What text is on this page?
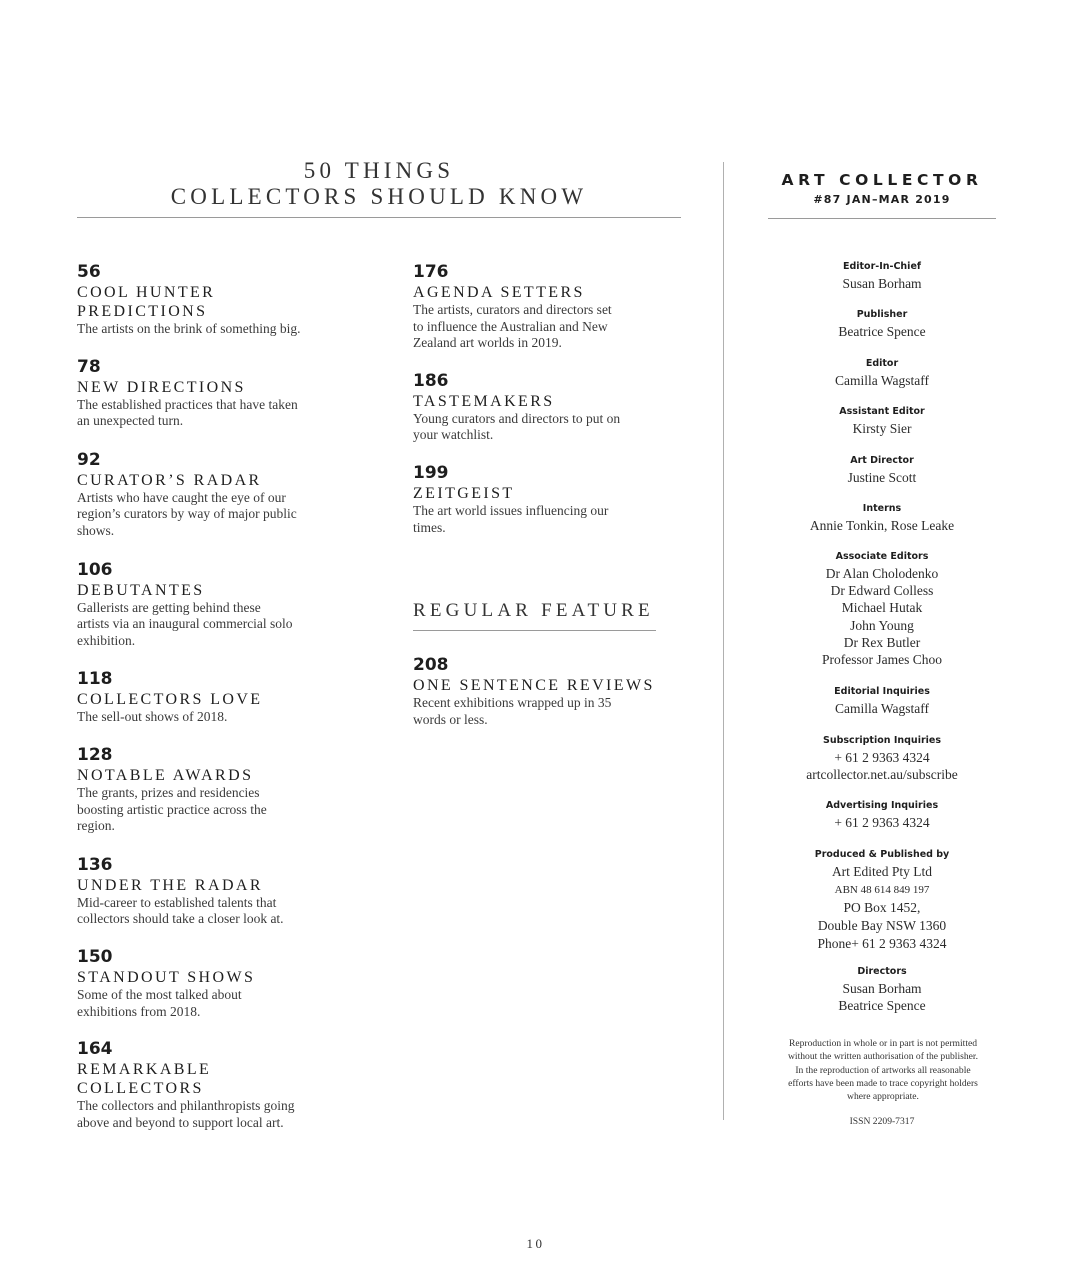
50 THINGS
COLLECTORS SHOULD KNOW
56
COOL HUNTER
PREDICTIONS
The artists on the brink of something big.
78
NEW DIRECTIONS
The established practices that have taken
an unexpected turn.
92
CURATOR’S RADAR
Artists who have caught the eye of our
region’s curators by way of major public
shows.
106
DEBUTANTES
Gallerists are getting behind these
artists via an inaugural commercial solo
exhibition.
118
COLLECTORS LOVE
The sell-out shows of 2018.
128
NOTABLE AWARDS
The grants, prizes and residencies
boosting artistic practice across the
region.
136
UNDER THE RADAR
Mid-career to established talents that
collectors should take a closer look at.
150
STANDOUT SHOWS
Some of the most talked about
exhibitions from 2018.
164
REMARKABLE
COLLECTORS
The collectors and philanthropists going
above and beyond to support local art.
176
AGENDA SETTERS
The artists, curators and directors set
to influence the Australian and New
Zealand art worlds in 2019.
186
TASTEMAKERS
Young curators and directors to put on
your watchlist.
199
ZEITGEIST
The art world issues influencing our
times.
REGULAR FEATURE
208
ONE SENTENCE REVIEWS
Recent exhibitions wrapped up in 35
words or less.
ART COLLECTOR
#87 JAN–MAR 2019
Editor-In-Chief
Susan Borham
Publisher
Beatrice Spence
Editor
Camilla Wagstaff
Assistant Editor
Kirsty Sier
Art Director
Justine Scott
Interns
Annie Tonkin, Rose Leake
Associate Editors
Dr Alan Cholodenko
Dr Edward Colless
Michael Hutak
John Young
Dr Rex Butler
Professor James Choo
Editorial Inquiries
Camilla Wagstaff
Subscription Inquiries
+ 61 2 9363 4324
artcollector.net.au/subscribe
Advertising Inquiries
+ 61 2 9363 4324
Produced & Published by
Art Edited Pty Ltd
ABN 48 614 849 197
PO Box 1452,
Double Bay NSW 1360
Phone+ 61 2 9363 4324
Directors
Susan Borham
Beatrice Spence
Reproduction in whole or in part is not permitted
without the written authorisation of the publisher.
In the reproduction of artworks all reasonable
efforts have been made to trace copyright holders
where appropriate.
ISSN 2209-7317
10
